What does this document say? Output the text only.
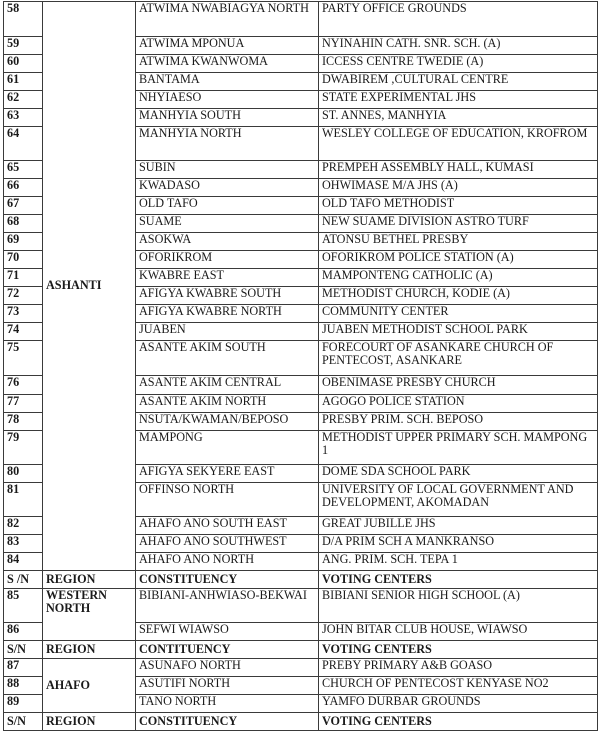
58	ASHANTI	ATWIMA NWABIAGYA NORTH	PARTY OFFICE GROUNDS
59		ATWIMA MPONUA	NYINAHIN CATH. SNR. SCH. (A)
60		ATWIMA KWANWOMA	ICCESS CENTRE TWEDIE (A)
61		BANTAMA	DWABIREM ,CULTURAL CENTRE
62		NHYIAESO	STATE EXPERIMENTAL JHS
63		MANHYIA SOUTH	ST. ANNES, MANHYIA
64		MANHYIA NORTH	WESLEY COLLEGE OF EDUCATION, KROFROM
65		SUBIN	PREMPEH ASSEMBLY HALL, KUMASI
66		KWADASO	OHWIMASE M/A JHS (A)
67		OLD TAFO	OLD TAFO METHODIST
68		SUAME	NEW SUAME DIVISION ASTRO TURF
69		ASOKWA	ATONSU BETHEL PRESBY
70		OFORIKROM	OFORIKROM POLICE STATION (A)
71		KWABRE EAST	MAMPONTENG CATHOLIC (A)
72		AFIGYA KWABRE SOUTH	METHODIST CHURCH, KODIE (A)
73		AFIGYA KWABRE NORTH	COMMUNITY CENTER
74		JUABEN	JUABEN METHODIST SCHOOL PARK
75		ASANTE AKIM SOUTH	FORECOURT OF ASANKARE CHURCH OF PENTECOST, ASANKARE
76		ASANTE AKIM CENTRAL	OBENIMASE PRESBY CHURCH
77		ASANTE AKIM NORTH	AGOGO POLICE STATION
78		NSUTA/KWAMAN/BEPOSO	PRESBY PRIM. SCH. BEPOSO
79		MAMPONG	METHODIST UPPER PRIMARY SCH. MAMPONG 1
80		AFIGYA SEKYERE EAST	DOME SDA SCHOOL PARK
81		OFFINSO NORTH	UNIVERSITY OF LOCAL GOVERNMENT AND DEVELOPMENT, AKOMADAN
82		AHAFO ANO SOUTH EAST	GREAT JUBILLE JHS
83		AHAFO ANO SOUTHWEST	D/A PRIM SCH A MANKRANSO
84		AHAFO ANO NORTH	ANG. PRIM. SCH. TEPA 1
S /N	REGION	CONSTITUENCY	VOTING CENTERS
85	WESTERN NORTH	BIBIANI-ANHWIASO-BEKWAI	BIBIANI SENIOR HIGH SCHOOL (A)
86		SEFWI WIAWSO	JOHN BITAR CLUB HOUSE, WIAWSO
S/N	REGION	CONTITUENCY	VOTING CENTERS
87	AHAFO	ASUNAFO NORTH	PREBY PRIMARY A&B GOASO
88		ASUTIFI NORTH	CHURCH OF PENTECOST KENYASE NO2
89		TANO NORTH	YAMFO DURBAR GROUNDS
S/N	REGION	CONSTITUENCY	VOTING CENTERS
